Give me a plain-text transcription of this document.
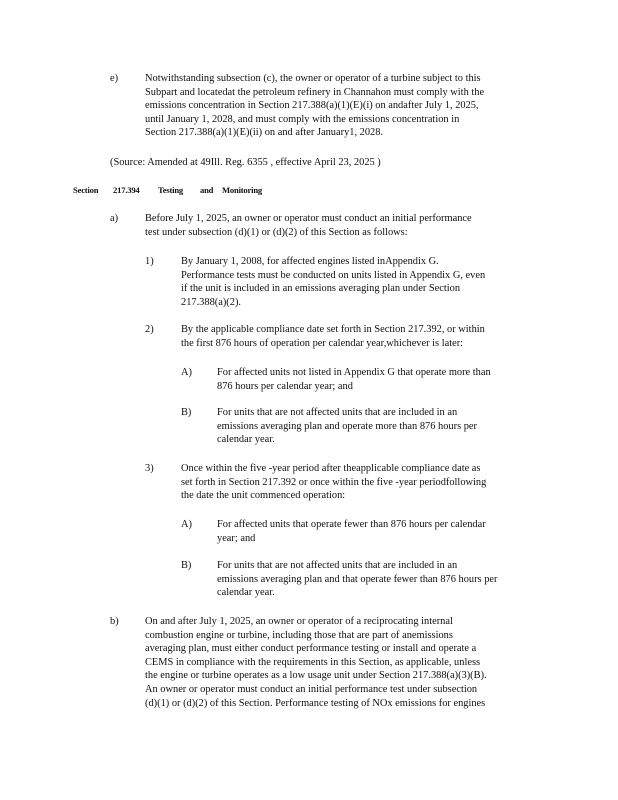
e)	Notwithstanding subsection (c), the owner or operator of a turbine subject to this
Subpart and locatedat the petroleum refinery in Channahon must comply with the
emissions concentration in Section 217.388(a)(1)(E)(i) on andafter July 1, 2025,
until January 1, 2028, and must comply with the emissions concentration in
Section 217.388(a)(1)(E)(ii) on and after January1, 2028.
(Source: Amended at 49Ill. Reg. 6355 , effective April 23, 2025 )
Section 217.394 Testing and Monitoring
a)	Before July 1, 2025, an owner or operator must conduct an initial performance
test under subsection (d)(1) or (d)(2) of this Section as follows:
1)	By January 1, 2008, for affected engines listed inAppendix G.
Performance tests must be conducted on units listed in Appendix G, even
if the unit is included in an emissions averaging plan under Section
217.388(a)(2).
2)	By the applicable compliance date set forth in Section 217.392, or within
the first 876 hours of operation per calendar year,whichever is later:
A) For affected units not listed in Appendix G that operate more than
876 hours per calendar year; and
B) For units that are not affected units that are included in an
emissions averaging plan and operate more than 876 hours per
calendar year.
3)	Once within the five -year period after theapplicable compliance date as
set forth in Section 217.392 or once within the five -year periodfollowing
the date the unit commenced operation:
A) For affected units that operate fewer than 876 hours per calendar
year; and
B) For units that are not affected units that are included in an
emissions averaging plan and that operate fewer than 876 hours per
calendar year.
b)	On and after July 1, 2025, an owner or operator of a reciprocating internal
combustion engine or turbine, including those that are part of anemissions
averaging plan, must either conduct performance testing or install and operate a
CEMS in compliance with the requirements in this Section, as applicable, unless
the engine or turbine operates as a low usage unit under Section 217.388(a)(3)(B).
An owner or operator must conduct an initial performance test under subsection
(d)(1) or (d)(2) of this Section. Performance testing of NOx emissions for engines
